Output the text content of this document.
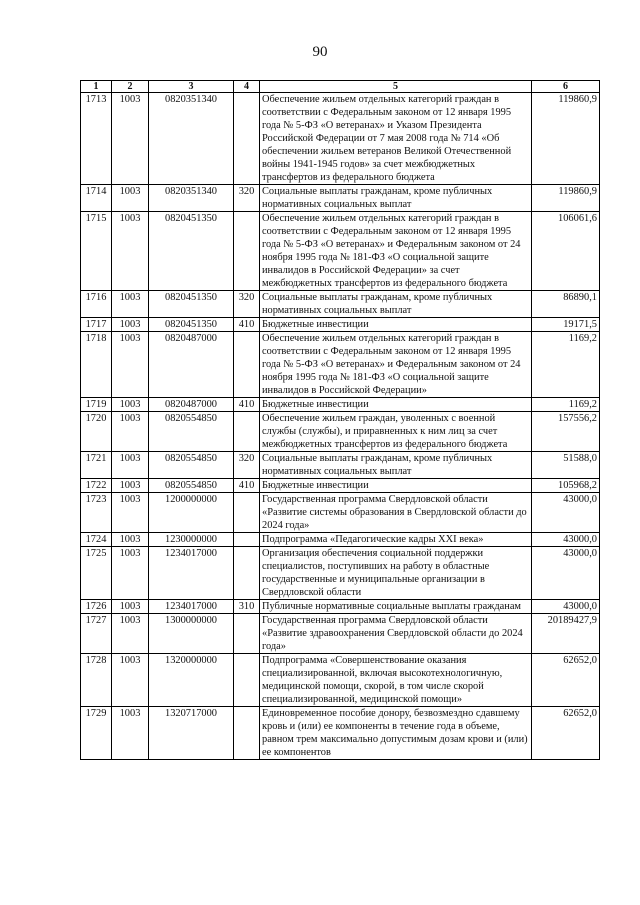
90
1	2	3	4	5	6
1713	1003	0820351340		Обеспечение жильем отдельных категорий граждан в соответствии с Федеральным законом от 12 января 1995 года № 5-ФЗ «О ветеранах» и Указом Президента Российской Федерации от 7 мая 2008 года № 714 «Об обеспечении жильем ветеранов Великой Отечественной войны 1941-1945 годов» за счет межбюджетных трансфертов из федерального бюджета	119860,9
1714	1003	0820351340	320	Социальные выплаты гражданам, кроме публичных нормативных социальных выплат	119860,9
1715	1003	0820451350		Обеспечение жильем отдельных категорий граждан в соответствии с Федеральным законом от 12 января 1995 года № 5-ФЗ «О ветеранах» и Федеральным законом от 24 ноября 1995 года № 181-ФЗ «О социальной защите инвалидов в Российской Федерации» за счет межбюджетных трансфертов из федерального бюджета	106061,6
1716	1003	0820451350	320	Социальные выплаты гражданам, кроме публичных нормативных социальных выплат	86890,1
1717	1003	0820451350	410	Бюджетные инвестиции	19171,5
1718	1003	0820487000		Обеспечение жильем отдельных категорий граждан в соответствии с Федеральным законом от 12 января 1995 года № 5-ФЗ «О ветеранах» и Федеральным законом от 24 ноября 1995 года № 181-ФЗ «О социальной защите инвалидов в Российской Федерации»	1169,2
1719	1003	0820487000	410	Бюджетные инвестиции	1169,2
1720	1003	0820554850		Обеспечение жильем граждан, уволенных с военной службы (службы), и приравненных к ним лиц за счет межбюджетных трансфертов из федерального бюджета	157556,2
1721	1003	0820554850	320	Социальные выплаты гражданам, кроме публичных нормативных социальных выплат	51588,0
1722	1003	0820554850	410	Бюджетные инвестиции	105968,2
1723	1003	1200000000		Государственная программа Свердловской области «Развитие системы образования в Свердловской области до 2024 года»	43000,0
1724	1003	1230000000		Подпрограмма «Педагогические кадры XXI века»	43000,0
1725	1003	1234017000		Организация обеспечения социальной поддержки специалистов, поступивших на работу в областные государственные и муниципальные организации в Свердловской области	43000,0
1726	1003	1234017000	310	Публичные нормативные социальные выплаты гражданам	43000,0
1727	1003	1300000000		Государственная программа Свердловской области «Развитие здравоохранения Свердловской области до 2024 года»	20189427,9
1728	1003	1320000000		Подпрограмма «Совершенствование оказания специализированной, включая высокотехнологичную, медицинской помощи, скорой, в том числе скорой специализированной, медицинской помощи»	62652,0
1729	1003	1320717000		Единовременное пособие донору, безвозмездно сдавшему кровь и (или) ее компоненты в течение года в объеме, равном трем максимально допустимым дозам крови и (или) ее компонентов	62652,0
